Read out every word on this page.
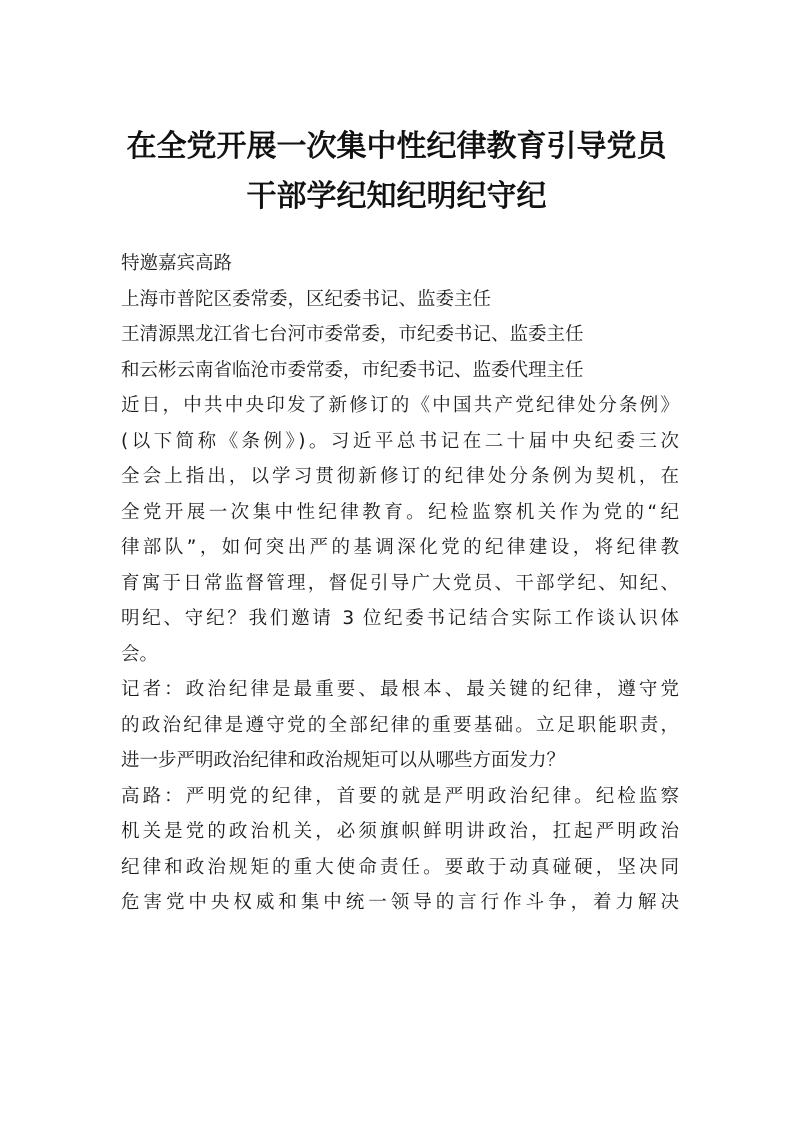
在全党开展一次集中性纪律教育引导党员
干部学纪知纪明纪守纪
特邀嘉宾高路
上海市普陀区委常委，区纪委书记、监委主任
王清源黑龙江省七台河市委常委，市纪委书记、监委主任
和云彬云南省临沧市委常委，市纪委书记、监委代理主任
近日，中共中央印发了新修订的《中国共产党纪律处分条例》
(以下简称《条例》)。习近平总书记在二十届中央纪委三次
全会上指出，以学习贯彻新修订的纪律处分条例为契机，在
全党开展一次集中性纪律教育。纪检监察机关作为党的“纪
律部队”，如何突出严的基调深化党的纪律建设，将纪律教
育寓于日常监督管理，督促引导广大党员、干部学纪、知纪、
明纪、守纪？我们邀请 3 位纪委书记结合实际工作谈认识体
会。
记者：政治纪律是最重要、最根本、最关键的纪律，遵守党
的政治纪律是遵守党的全部纪律的重要基础。立足职能职责，
进一步严明政治纪律和政治规矩可以从哪些方面发力？
高路：严明党的纪律，首要的就是严明政治纪律。纪检监察
机关是党的政治机关，必须旗帜鲜明讲政治，扛起严明政治
纪律和政治规矩的重大使命责任。要敢于动真碰硬，坚决同
危害党中央权威和集中统一领导的言行作斗争，着力解决
